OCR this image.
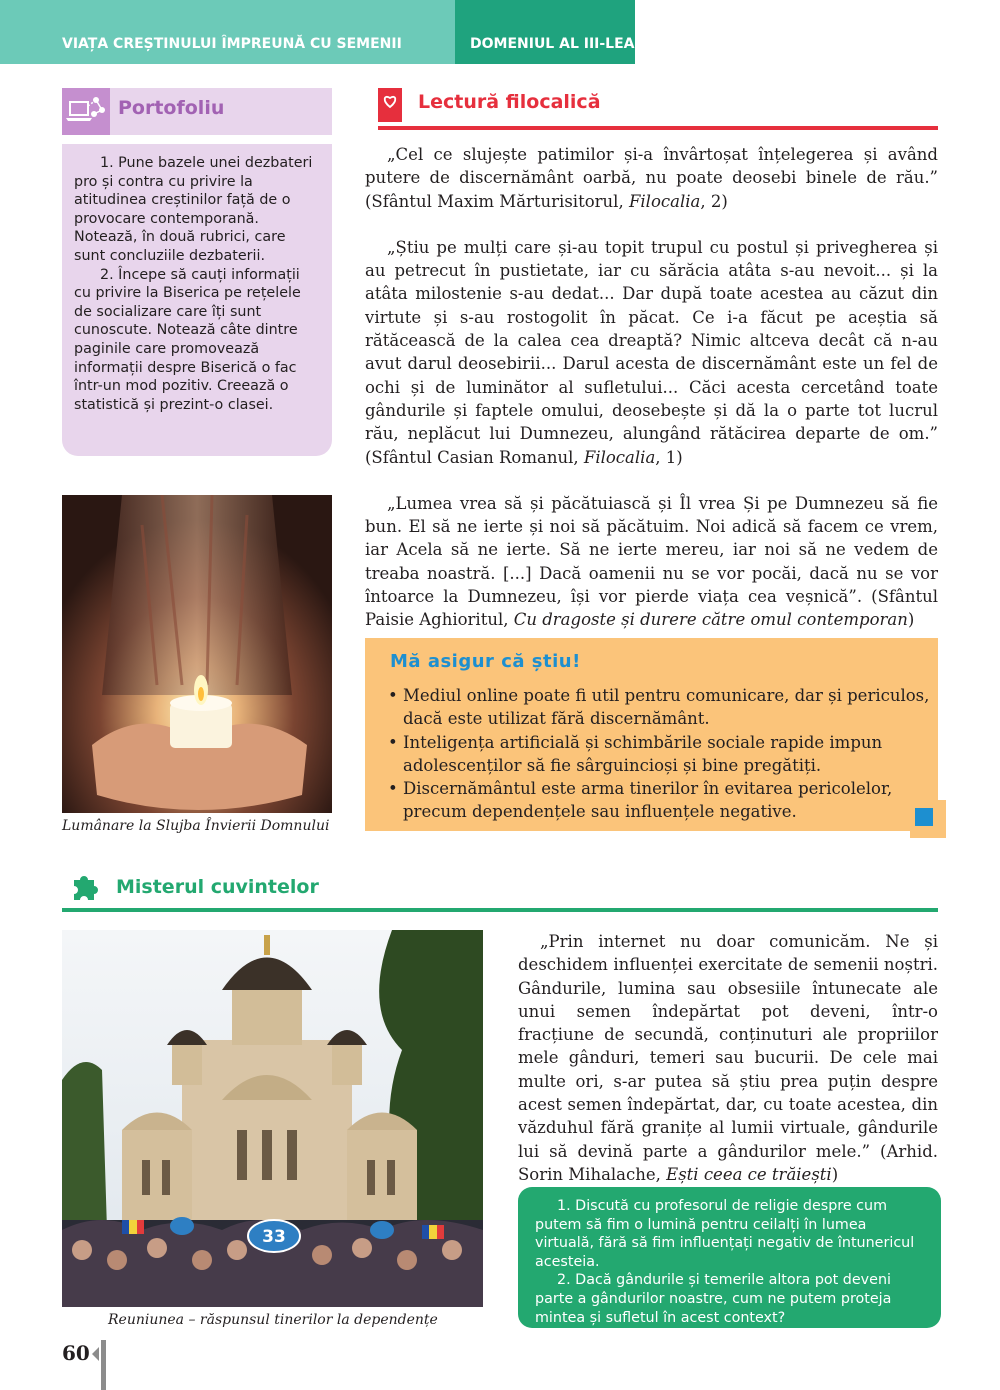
VIAȚA CREȘTINULUI ÎMPREUNĂ CU SEMENII	DOMENIUL AL III-LEA
Portofoliu

1. Pune bazele unei dezbateri pro și contra cu privire la atitudinea creștinilor față de o provocare contemporană. Notează, în două rubrici, care sunt concluziile dezbaterii.

2. Începe să cauți informații cu privire la Biserica pe rețelele de socializare care îți sunt cunoscute. Notează câte dintre paginile care promovează informații despre Biserică o fac într-un mod pozitiv. Creează o statistică și prezint-o clasei.

Lumânare la Slujba Învierii Domnului
Lectură filocalică

„Cel ce slujește patimilor și-a învârtoșat înțelegerea și având putere de discernământ oarbă, nu poate deosebi binele de rău.” (Sfântul Maxim Mărturisitorul, Filocalia, 2)

„Știu pe mulți care și-au topit trupul cu postul și privegherea și au petrecut în pustietate, iar cu sărăcia atâta s-au nevoit... și la atâta milostenie s-au dedat... Dar după toate acestea au căzut din virtute și s-au rostogolit în păcat. Ce i-a făcut pe aceștia să rătăcească de la calea cea dreaptă? Nimic altceva decât că n-au avut darul deosebirii... Darul acesta de discernământ este un fel de ochi și de luminător al sufletului... Căci acesta cercetând toate gândurile și faptele omului, deosebește și dă la o parte tot lucrul rău, neplăcut lui Dumnezeu, alungând rătăcirea departe de om.” (Sfântul Casian Romanul, Filocalia, 1)

„Lumea vrea să și păcătuiască și Îl vrea Și pe Dumnezeu să fie bun. El să ne ierte și noi să păcătuim. Noi adică să facem ce vrem, iar Acela să ne ierte. Să ne ierte mereu, iar noi să ne vedem de treaba noastră. [...] Dacă oamenii nu se vor pocăi, dacă nu se vor întoarce la Dumnezeu, își vor pierde viața cea veșnică”. (Sfântul Paisie Aghioritul, Cu dragoste și durere către omul contemporan)

Mă asigur că știu!
• Mediul online poate fi util pentru comunicare, dar și periculos, dacă este utilizat fără discernământ.
• Inteligența artificială și schimbările sociale rapide impun adolescenților să fie sârguincioși și bine pregătiți.
• Discernământul este arma tinerilor în evitarea pericolelor, precum dependențele sau influențele negative.
Misterul cuvintelor
33
Reuniunea – răspunsul tinerilor la dependențe

„Prin internet nu doar comunicăm. Ne și deschidem influenței exercitate de semenii noștri. Gândurile, lumina sau obsesiile întunecate ale unui semen îndepărtat pot deveni, într-o fracțiune de secundă, conținuturi ale propriilor mele gânduri, temeri sau bucurii. De cele mai multe ori, s-ar putea să știu prea puțin despre acest semen îndepărtat, dar, cu toate acestea, din văzduhul fără granițe al lumii virtuale, gândurile lui să devină parte a gândurilor mele.” (Arhid. Sorin Mihalache, Ești ceea ce trăiești)

1. Discută cu profesorul de religie despre cum putem să fim o lumină pentru ceilalți în lumea virtuală, fără să fim influențați negativ de întunericul acesteia.

2. Dacă gândurile și temerile altora pot deveni parte a gândurilor noastre, cum ne putem proteja mintea și sufletul în acest context?

60
